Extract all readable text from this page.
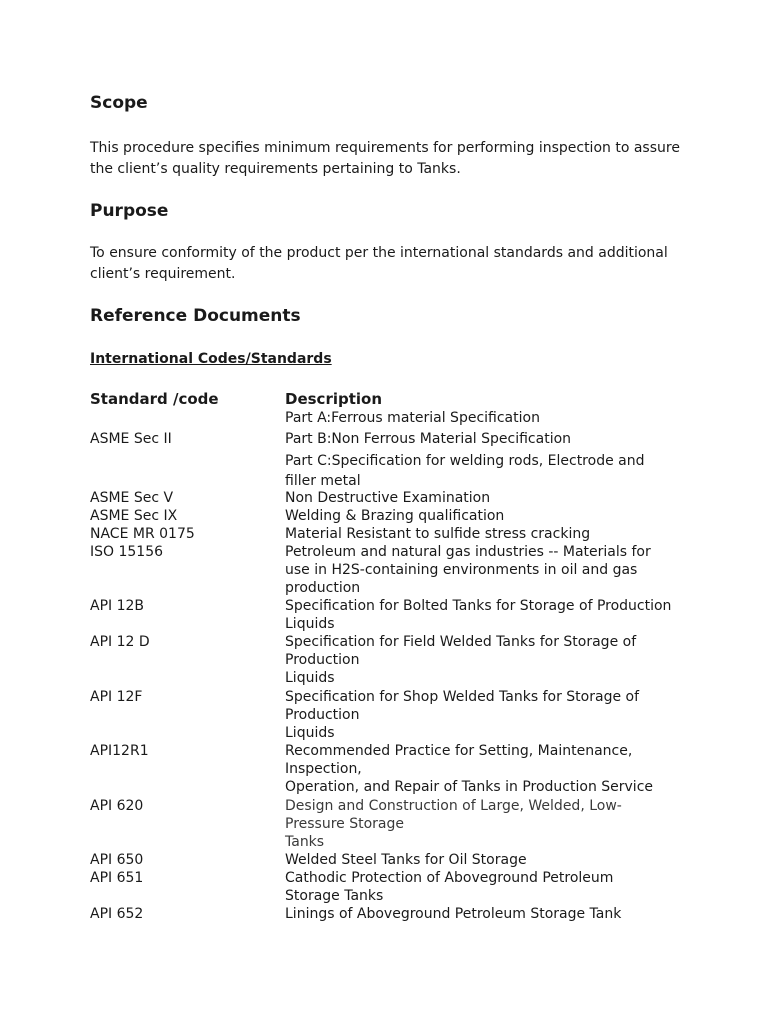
Scope
This procedure specifies minimum requirements for performing inspection to assure the client’s quality requirements pertaining to Tanks.
Purpose
To ensure conformity of the product per the international standards and additional client’s requirement.
Reference Documents
International Codes/Standards
Standard /code	Description
Part A:Ferrous material Specification
ASME Sec II	Part B:Non Ferrous Material Specification
Part C:Specification for welding rods, Electrode and
filler metal
ASME Sec V	Non Destructive Examination
ASME Sec IX	Welding & Brazing qualification
NACE MR 0175	Material Resistant to sulfide stress cracking
ISO 15156	Petroleum and natural gas industries -- Materials for
use in H2S-containing environments in oil and gas
production
API 12B	Specification for Bolted Tanks for Storage of Production
Liquids
API 12 D	Specification for Field Welded Tanks for Storage of
Production
Liquids
API 12F	Specification for Shop Welded Tanks for Storage of
Production
Liquids
API12R1	Recommended Practice for Setting, Maintenance,
Inspection,
Operation, and Repair of Tanks in Production Service
API 620	Design and Construction of Large, Welded, Low-
Pressure Storage
Tanks
API 650	Welded Steel Tanks for Oil Storage
API 651	Cathodic Protection of Aboveground Petroleum
Storage Tanks
API 652	Linings of Aboveground Petroleum Storage Tank
